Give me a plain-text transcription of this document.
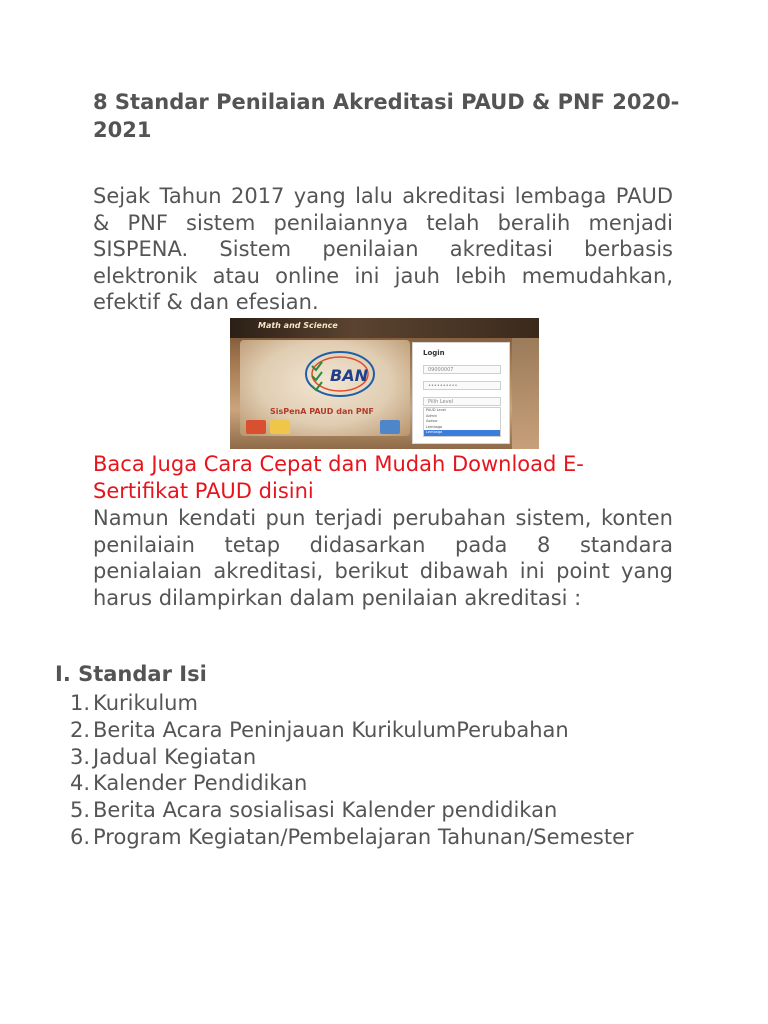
8 Standar Penilaian Akreditasi PAUD & PNF 2020-2021

Sejak Tahun 2017 yang lalu akreditasi lembaga PAUD & PNF sistem penilaiannya telah beralih menjadi SISPENA. Sistem penilaian akreditasi berbasis elektronik atau online ini jauh lebih memudahkan, efektif & dan efesian.

Math and Science
BAN
SisPenA PAUD dan PNF
Login
09000007
••••••••••
Pilih Level
PAUD Level
Admin
Asesor
Lembaga
Lembaga
Baca Juga Cara Cepat dan Mudah Download E-Sertifikat PAUD disini

Namun kendati pun terjadi perubahan sistem, konten penilaiain tetap didasarkan pada 8 standara penialaian akreditasi, berikut dibawah ini point yang harus dilampirkan dalam penilaian akreditasi :

I. Standar Isi
1. Kurikulum
2. Berita Acara Peninjauan KurikulumPerubahan
3. Jadual Kegiatan
4. Kalender Pendidikan
5. Berita Acara sosialisasi Kalender pendidikan
6. Program Kegiatan/Pembelajaran Tahunan/Semester
